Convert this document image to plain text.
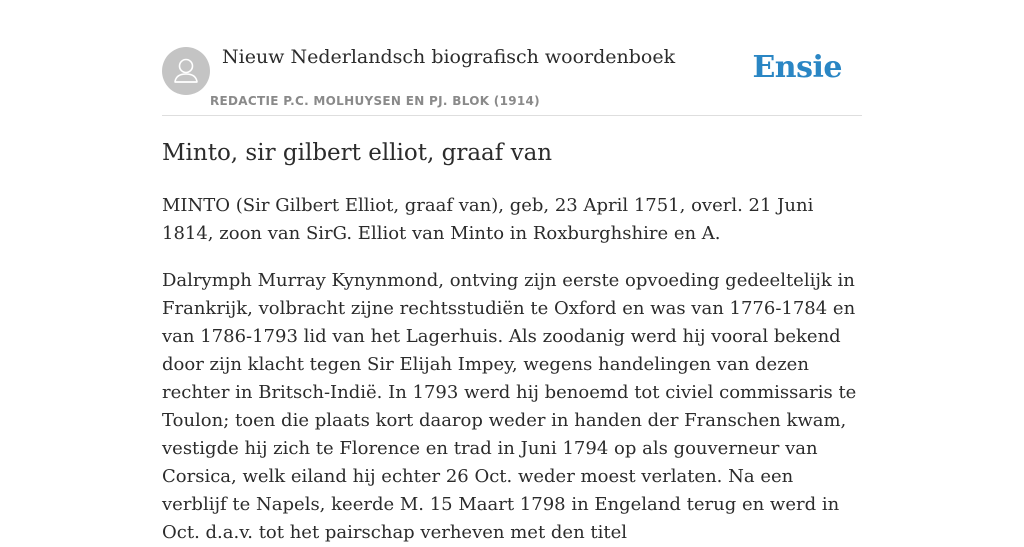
Nieuw Nederlandsch biografisch woordenboek
REDACTIE P.C. MOLHUYSEN EN PJ. BLOK (1914)
Ensie
Minto, sir gilbert elliot, graaf van

MINTO (Sir Gilbert Elliot, graaf van), geb, 23 April 1751, overl. 21 Juni 1814, zoon van SirG. Elliot van Minto in Roxburghshire en A.

Dalrymph Murray Kynynmond, ontving zijn eerste opvoeding gedeeltelijk in Frankrijk, volbracht zijne rechtsstudiën te Oxford en was van 1776-1784 en van 1786-1793 lid van het Lagerhuis. Als zoodanig werd hij vooral bekend door zijn klacht tegen Sir Elijah Impey, wegens handelingen van dezen rechter in Britsch-Indië. In 1793 werd hij benoemd tot civiel commissaris te Toulon; toen die plaats kort daarop weder in handen der Franschen kwam, vestigde hij zich te Florence en trad in Juni 1794 op als gouverneur van Corsica, welk eiland hij echter 26 Oct. weder moest verlaten. Na een verblijf te Napels, keerde M. 15 Maart 1798 in Engeland terug en werd in Oct. d.a.v. tot het pairschap verheven met den titel
